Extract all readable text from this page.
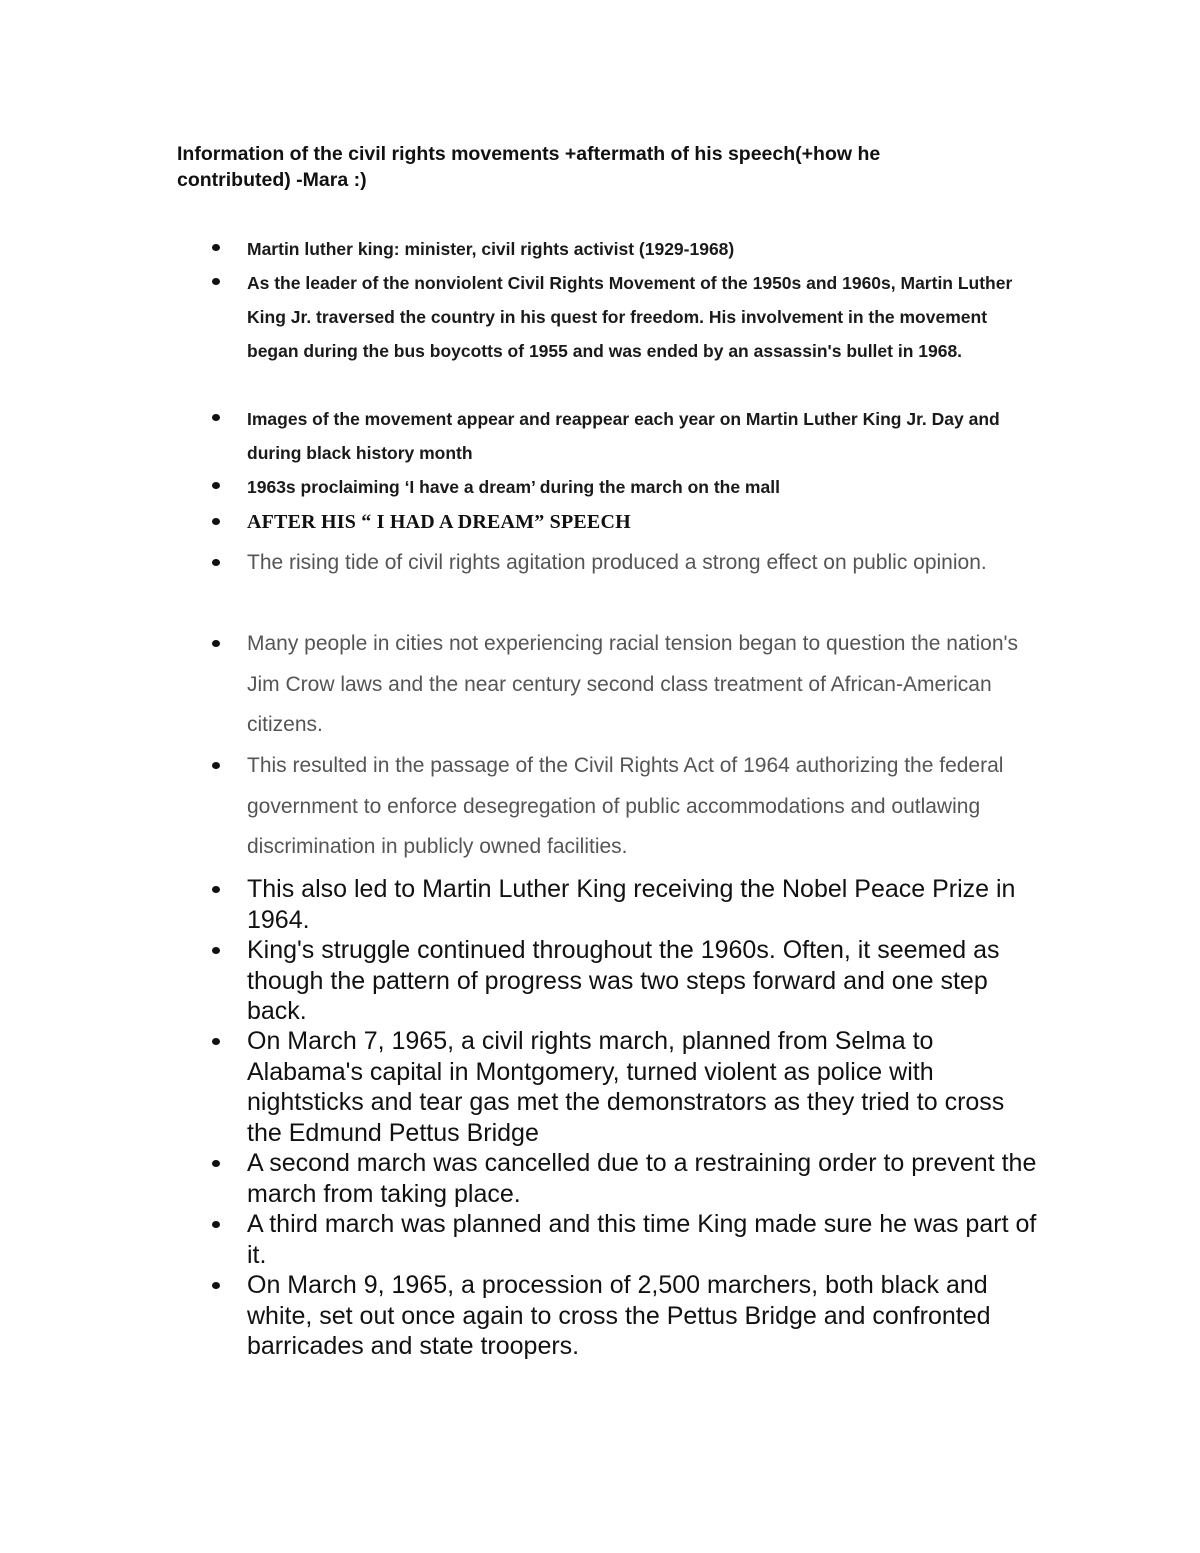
Information of the civil rights movements +aftermath of his speech(+how he contributed) -Mara :)
Martin luther king: minister, civil rights activist (1929-1968)
As the leader of the nonviolent Civil Rights Movement of the 1950s and 1960s, Martin Luther King Jr. traversed the country in his quest for freedom. His involvement in the movement began during the bus boycotts of 1955 and was ended by an assassin's bullet in 1968.
Images of the movement appear and reappear each year on Martin Luther King Jr. Day and during black history month
1963s proclaiming ‘I have a dream’ during the march on the mall
AFTER HIS “ I HAD A DREAM” SPEECH
The rising tide of civil rights agitation produced a strong effect on public opinion.
Many people in cities not experiencing racial tension began to question the nation's Jim Crow laws and the near century second class treatment of African-American citizens.
This resulted in the passage of the Civil Rights Act of 1964 authorizing the federal government to enforce desegregation of public accommodations and outlawing discrimination in publicly owned facilities.
This also led to Martin Luther King receiving the Nobel Peace Prize in 1964.
King's struggle continued throughout the 1960s. Often, it seemed as though the pattern of progress was two steps forward and one step back.
On March 7, 1965, a civil rights march, planned from Selma to Alabama's capital in Montgomery, turned violent as police with nightsticks and tear gas met the demonstrators as they tried to cross the Edmund Pettus Bridge
A second march was cancelled due to a restraining order to prevent the march from taking place.
A third march was planned and this time King made sure he was part of it.
On March 9, 1965, a procession of 2,500 marchers, both black and white, set out once again to cross the Pettus Bridge and confronted barricades and state troopers.
